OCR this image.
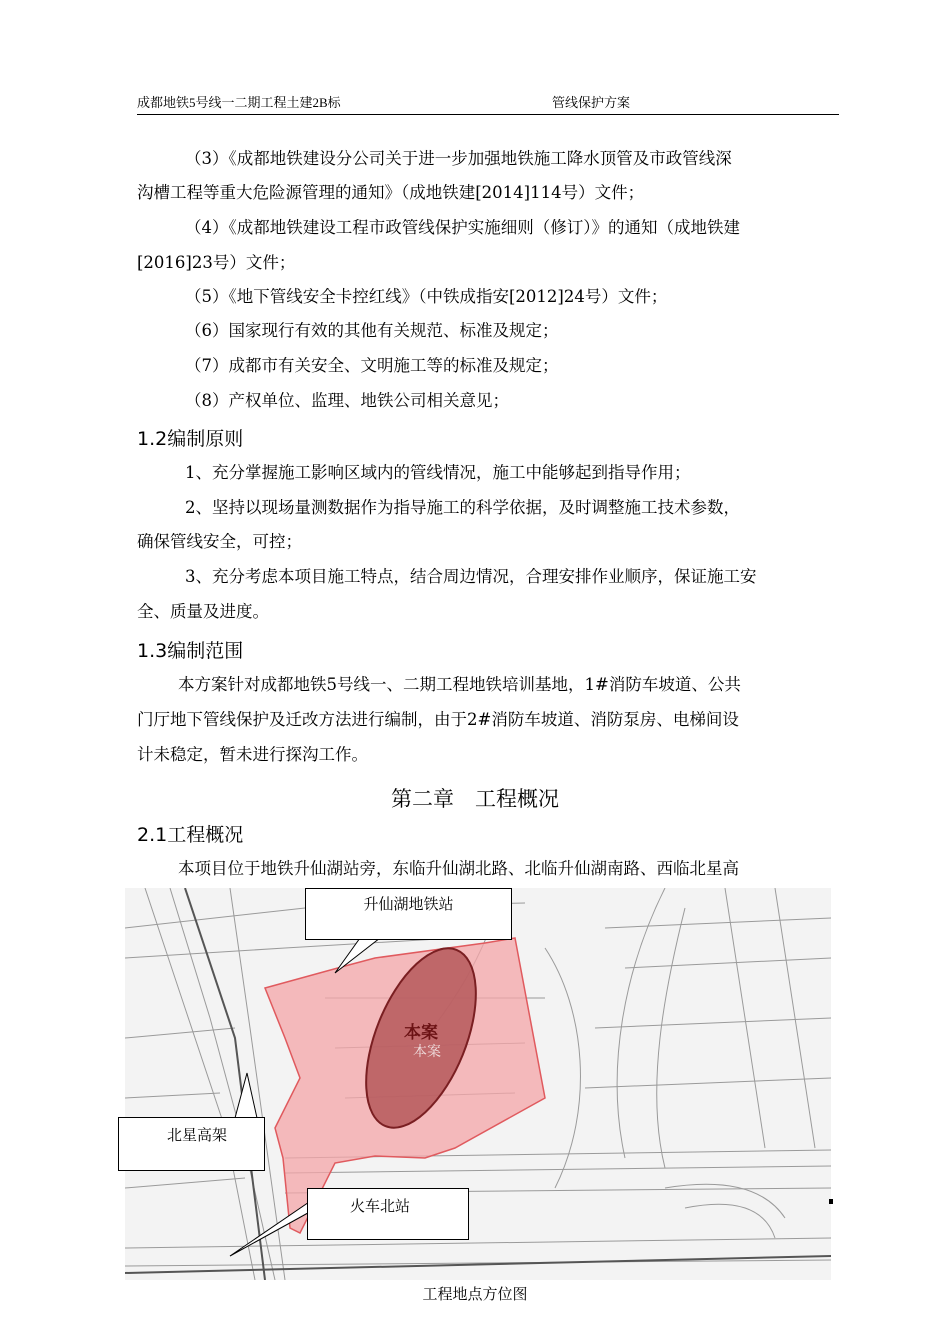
成都地铁5号线一二期工程土建2B标	管线保护方案
（3）《成都地铁建设分公司关于进一步加强地铁施工降水顶管及市政管线深
沟槽工程等重大危险源管理的通知》（成地铁建[2014]114号）文件；
（4）《成都地铁建设工程市政管线保护实施细则（修订）》的通知（成地铁建
[2016]23号）文件；
（5）《地下管线安全卡控红线》（中铁成指安[2012]24号）文件；
（6）国家现行有效的其他有关规范、标准及规定；
（7）成都市有关安全、文明施工等的标准及规定；
（8）产权单位、监理、地铁公司相关意见；
1.2编制原则
1、充分掌握施工影响区域内的管线情况，施工中能够起到指导作用；
2、坚持以现场量测数据作为指导施工的科学依据，及时调整施工技术参数，
确保管线安全，可控；
3、充分考虑本项目施工特点，结合周边情况，合理安排作业顺序，保证施工安
全、质量及进度。
1.3编制范围
本方案针对成都地铁5号线一、二期工程地铁培训基地，1#消防车坡道、公共
门厅地下管线保护及迁改方法进行编制，由于2#消防车坡道、消防泵房、电梯间设
计未稳定，暂未进行探沟工作。
第二章　工程概况
2.1工程概况
本项目位于地铁升仙湖站旁，东临升仙湖北路、北临升仙湖南路、西临北星高
本案
本案
升仙湖地铁站
北星高架
火车北站
工程地点方位图
